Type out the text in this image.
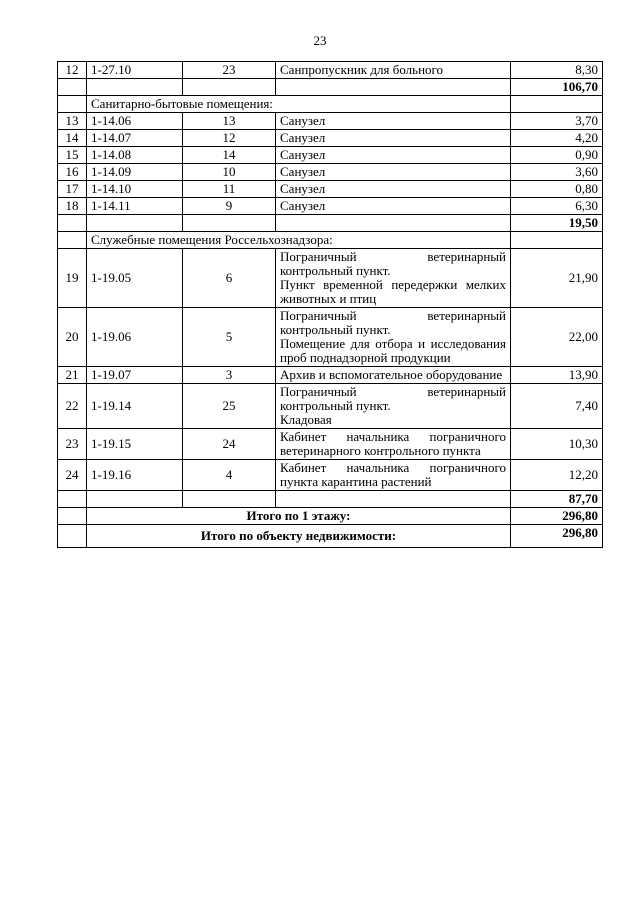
23
12	1-27.10	23	Санпропускник для больного	8,30
				106,70
	Санитарно-бытовые помещения:			
13	1-14.06	13	Санузел	3,70
14	1-14.07	12	Санузел	4,20
15	1-14.08	14	Санузел	0,90
16	1-14.09	10	Санузел	3,60
17	1-14.10	11	Санузел	0,80
18	1-14.11	9	Санузел	6,30
				19,50
	Служебные помещения Россельхознадзора:			
19	1-19.05	6	Пограничный ветеринарный
контрольный пункт.
Пункт временной передержки мелких животных и птиц	21,90
20	1-19.06	5	Пограничный ветеринарный
контрольный пункт.
Помещение для отбора и исследования проб поднадзорной продукции	22,00
21	1-19.07	3	Архив и вспомогательное оборудование	13,90
22	1-19.14	25	Пограничный ветеринарный
контрольный пункт.
Кладовая	7,40
23	1-19.15	24	Кабинет начальника пограничного ветеринарного контрольного пункта	10,30
24	1-19.16	4	Кабинет начальника пограничного пункта карантина растений	12,20
				87,70
	Итого по 1 этажу:			296,80
	Итого по объекту недвижимости:			296,80
